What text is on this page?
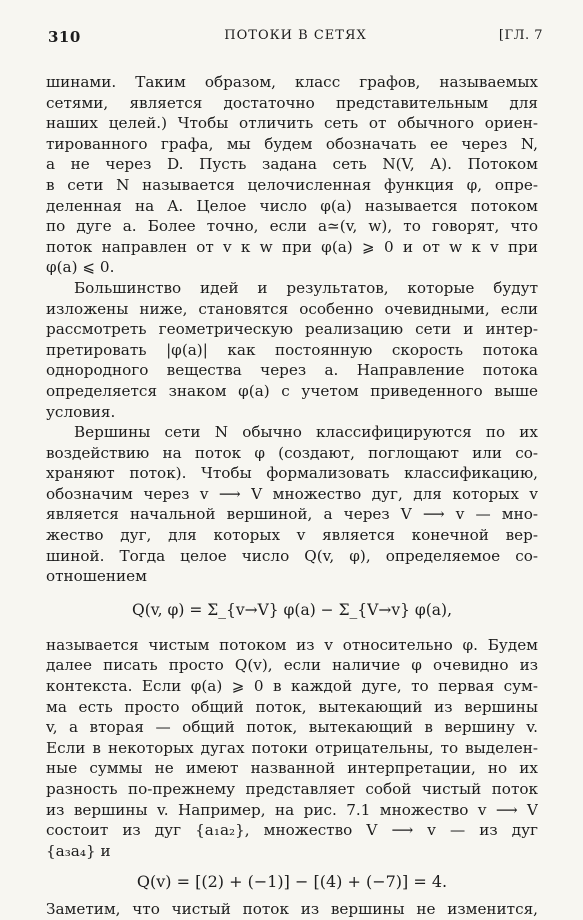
310	ПОТОКИ В СЕТЯХ	[ГЛ. 7
шинами. Таким образом, класс графов, называемых
сетями, является достаточно представительным для
наших целей.) Чтобы отличить сеть от обычного ориен-
тированного графа, мы будем обозначать ее через N,
а не через D. Пусть задана сеть N(V, A). Потоком
в сети N называется целочисленная функция φ, опре-
деленная на A. Целое число φ(a) называется потоком
по дуге a. Более точно, если a≃(v, w), то говорят, что
поток направлен от v к w при φ(a) ⩾ 0 и от w к v при
φ(a) ⩽ 0.
Большинство идей и результатов, которые будут
изложены ниже, становятся особенно очевидными, если
рассмотреть геометрическую реализацию сети и интер-
претировать |φ(a)| как постоянную скорость потока
однородного вещества через a. Направление потока
определяется знаком φ(a) с учетом приведенного выше
условия.
Вершины сети N обычно классифицируются по их
воздействию на поток φ (создают, поглощают или со-
храняют поток). Чтобы формализовать классификацию,
обозначим через v ⟶ V множество дуг, для которых v
является начальной вершиной, а через V ⟶ v — мно-
жество дуг, для которых v является конечной вер-
шиной. Тогда целое число Q(v, φ), определяемое со-
отношением
Q(v, φ) = Σ_{v→V} φ(a) − Σ_{V→v} φ(a),
называется чистым потоком из v относительно φ. Будем
далее писать просто Q(v), если наличие φ очевидно из
контекста. Если φ(a) ⩾ 0 в каждой дуге, то первая сум-
ма есть просто общий поток, вытекающий из вершины
v, а вторая — общий поток, вытекающий в вершину v.
Если в некоторых дугах потоки отрицательны, то выделен-
ные суммы не имеют названной интерпретации, но их
разность по-прежнему представляет собой чистый поток
из вершины v. Например, на рис. 7.1 множество v ⟶ V
состоит из дуг {a₁a₂}, множество V ⟶ v — из дуг
{a₃a₄} и
Q(v) = [(2) + (−1)] − [(4) + (−7)] = 4.
Заметим, что чистый поток из вершины не изменится,
